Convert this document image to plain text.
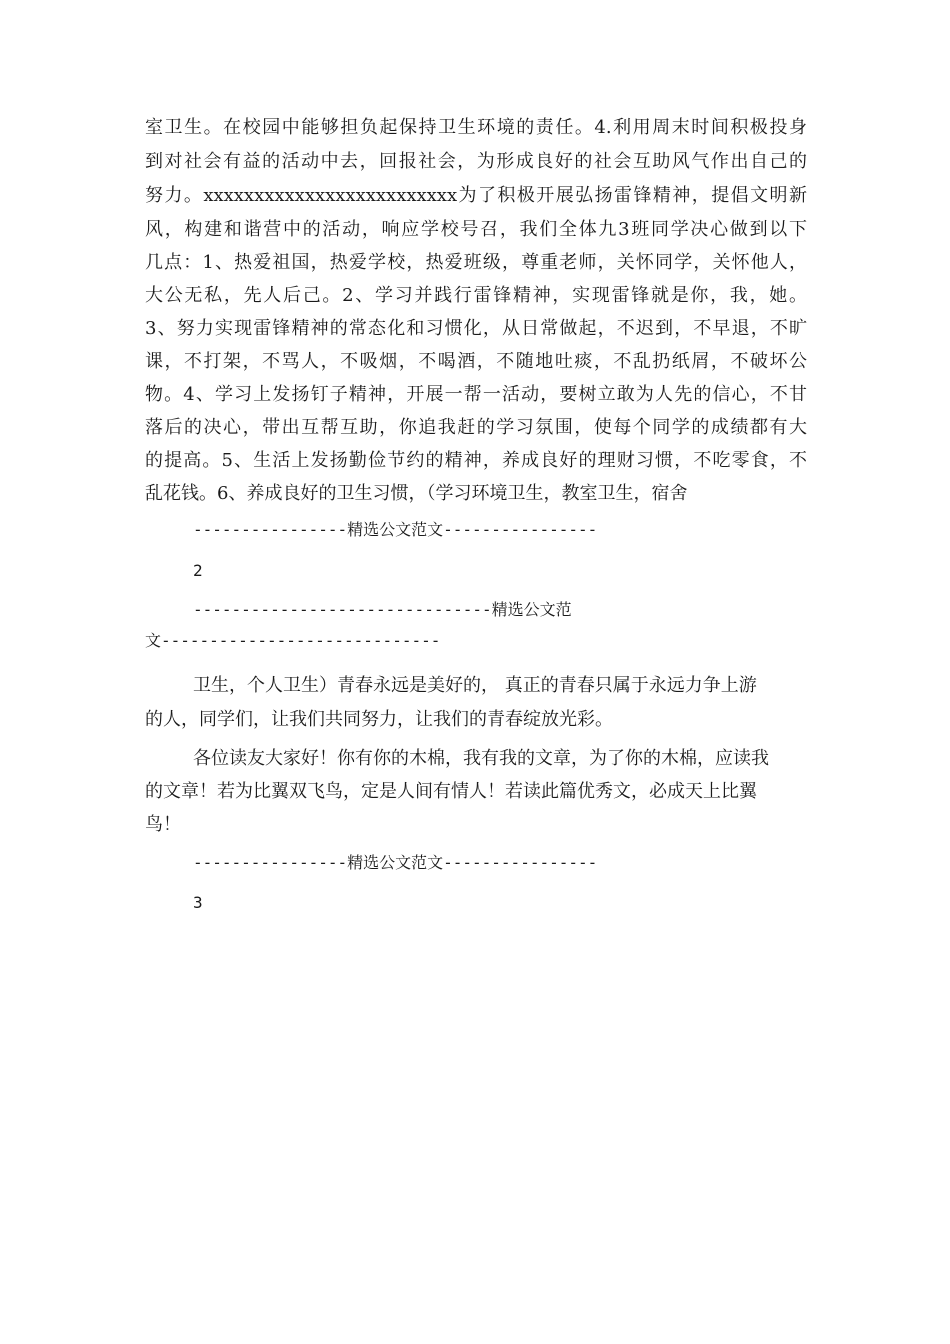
室卫生。在校园中能够担负起保持卫生环境的责任。4.利用周末时间积极投身
到对社会有益的活动中去，回报社会，为形成良好的社会互助风气作出自己的
努力。xxxxxxxxxxxxxxxxxxxxxxxxx为了积极开展弘扬雷锋精神，提倡文明新
风，构建和谐营中的活动，响应学校号召，我们全体九3班同学决心做到以下
几点：1、热爱祖国，热爱学校，热爱班级，尊重老师，关怀同学，关怀他人，
大公无私，先人后己。2、学习并践行雷锋精神，实现雷锋就是你，我，她。
3、努力实现雷锋精神的常态化和习惯化，从日常做起，不迟到，不早退，不旷
课，不打架，不骂人，不吸烟，不喝酒，不随地吐痰，不乱扔纸屑，不破坏公
物。4、学习上发扬钉子精神，开展一帮一活动，要树立敢为人先的信心，不甘
落后的决心，带出互帮互助，你追我赶的学习氛围，使每个同学的成绩都有大
的提高。5、生活上发扬勤俭节约的精神，养成良好的理财习惯，不吃零食，不
乱花钱。6、养成良好的卫生习惯，（学习环境卫生，教室卫生，宿舍
----------------精选公文范文----------------
2
-------------------------------精选公文范
文-----------------------------
卫生，个人卫生）青春永远是美好的， 真正的青春只属于永远力争上游
的人，同学们，让我们共同努力，让我们的青春绽放光彩。
各位读友大家好！你有你的木棉，我有我的文章，为了你的木棉，应读我
的文章！若为比翼双飞鸟，定是人间有情人！若读此篇优秀文，必成天上比翼
鸟！
----------------精选公文范文----------------
3
